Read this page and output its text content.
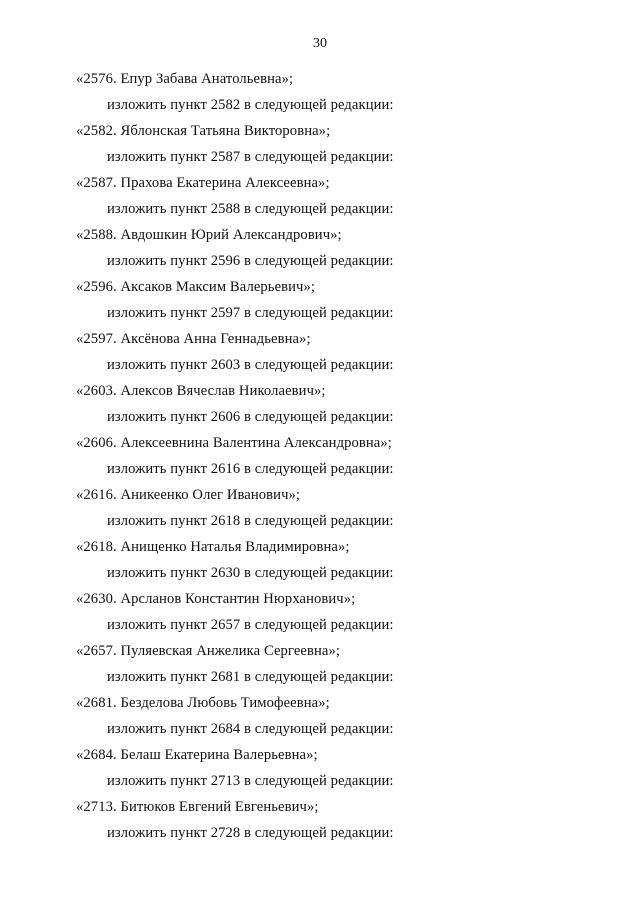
30
«2576. Епур Забава Анатольевна»;
изложить пункт 2582 в следующей редакции:
«2582. Яблонская Татьяна Викторовна»;
изложить пункт 2587 в следующей редакции:
«2587. Прахова Екатерина Алексеевна»;
изложить пункт 2588 в следующей редакции:
«2588. Авдошкин Юрий Александрович»;
изложить пункт 2596 в следующей редакции:
«2596. Аксаков Максим Валерьевич»;
изложить пункт 2597 в следующей редакции:
«2597. Аксёнова Анна Геннадьевна»;
изложить пункт 2603 в следующей редакции:
«2603. Алексов Вячеслав Николаевич»;
изложить пункт 2606 в следующей редакции:
«2606. Алексеевнина Валентина Александровна»;
изложить пункт 2616 в следующей редакции:
«2616. Аникеенко Олег Иванович»;
изложить пункт 2618 в следующей редакции:
«2618. Анищенко Наталья Владимировна»;
изложить пункт 2630 в следующей редакции:
«2630. Арсланов Константин Нюрханович»;
изложить пункт 2657 в следующей редакции:
«2657. Пуляевская Анжелика Сергеевна»;
изложить пункт 2681 в следующей редакции:
«2681. Безделова Любовь Тимофеевна»;
изложить пункт 2684 в следующей редакции:
«2684. Белаш Екатерина Валерьевна»;
изложить пункт 2713 в следующей редакции:
«2713. Битюков Евгений Евгеньевич»;
изложить пункт 2728 в следующей редакции:
